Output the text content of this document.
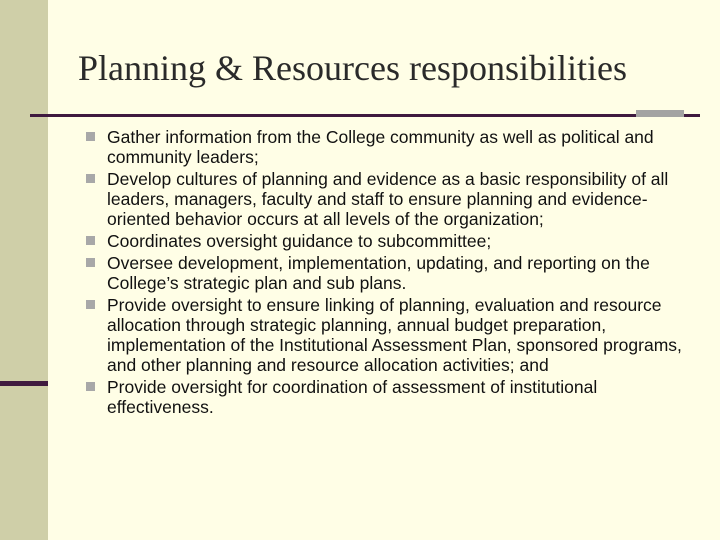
Planning & Resources responsibilities
Gather information from the College community as well as political and community leaders;
Develop cultures of planning and evidence as a basic responsibility of all leaders, managers, faculty and staff to ensure planning and evidence-oriented behavior occurs at all levels of the organization;
Coordinates oversight guidance to subcommittee;
Oversee development, implementation, updating, and reporting on the College’s strategic plan and sub plans.
Provide oversight to ensure linking of planning, evaluation and resource allocation through strategic planning, annual budget preparation, implementation of the Institutional Assessment Plan, sponsored programs, and other planning and resource allocation activities; and
Provide oversight for coordination of assessment of institutional effectiveness.
